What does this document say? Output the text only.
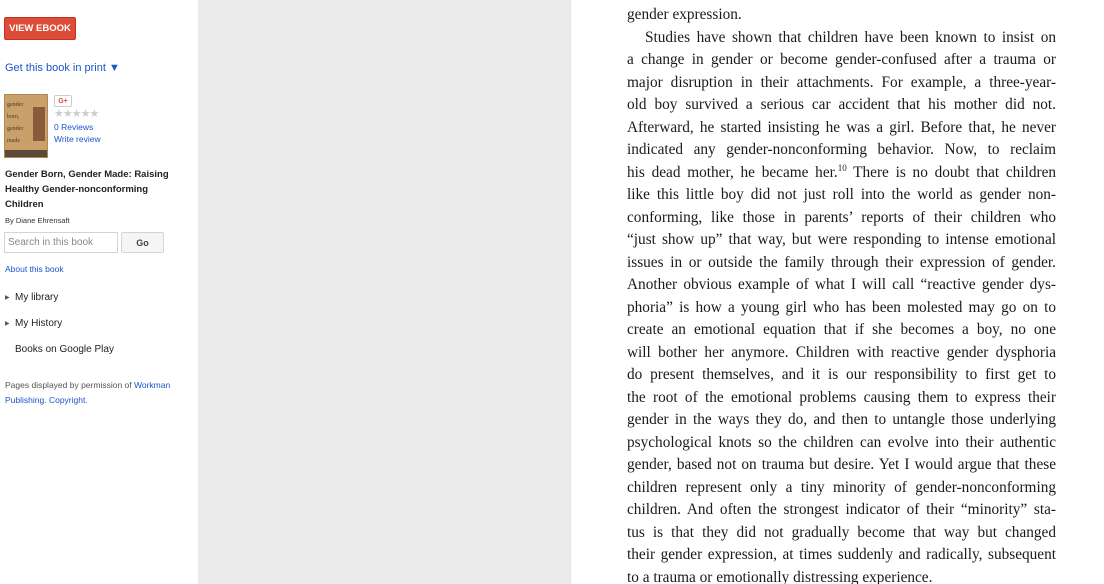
VIEW EBOOK
Get this book in print ▼
gender
born,
gender
made
G+
★★★★★
0 Reviews
Write review
Gender Born, Gender Made: Raising Healthy Gender-nonconforming Children
By Diane Ehrensaft
Search in this book
Go
About this book
▶ My library
▶ My History
Books on Google Play
Pages displayed by permission of Workman Publishing. Copyright.
gender expression.
Studies have shown that children have been known to insist on
a change in gender or become gender-confused after a trauma or
major disruption in their attachments. For example, a three-year-
old boy survived a serious car accident that his mother did not.
Afterward, he started insisting he was a girl. Before that, he never
indicated any gender-nonconforming behavior. Now, to reclaim
his dead mother, he became her.$^{10}$ There is no doubt that children
like this little boy did not just roll into the world as gender non-
conforming, like those in parents’ reports of their children who
“just show up” that way, but were responding to intense emotional
issues in or outside the family through their expression of gender.
Another obvious example of what I will call “reactive gender dys-
phoria” is how a young girl who has been molested may go on to
create an emotional equation that if she becomes a boy, no one
will bother her anymore. Children with reactive gender dysphoria
do present themselves, and it is our responsibility to first get to
the root of the emotional problems causing them to express their
gender in the ways they do, and then to untangle those underlying
psychological knots so the children can evolve into their authentic
gender, based not on trauma but desire. Yet I would argue that these
children represent only a tiny minority of gender-nonconforming
children. And often the strongest indicator of their “minority” sta-
tus is that they did not gradually become that way but changed
their gender expression, at times suddenly and radically, subsequent
to a trauma or emotionally distressing experience.
